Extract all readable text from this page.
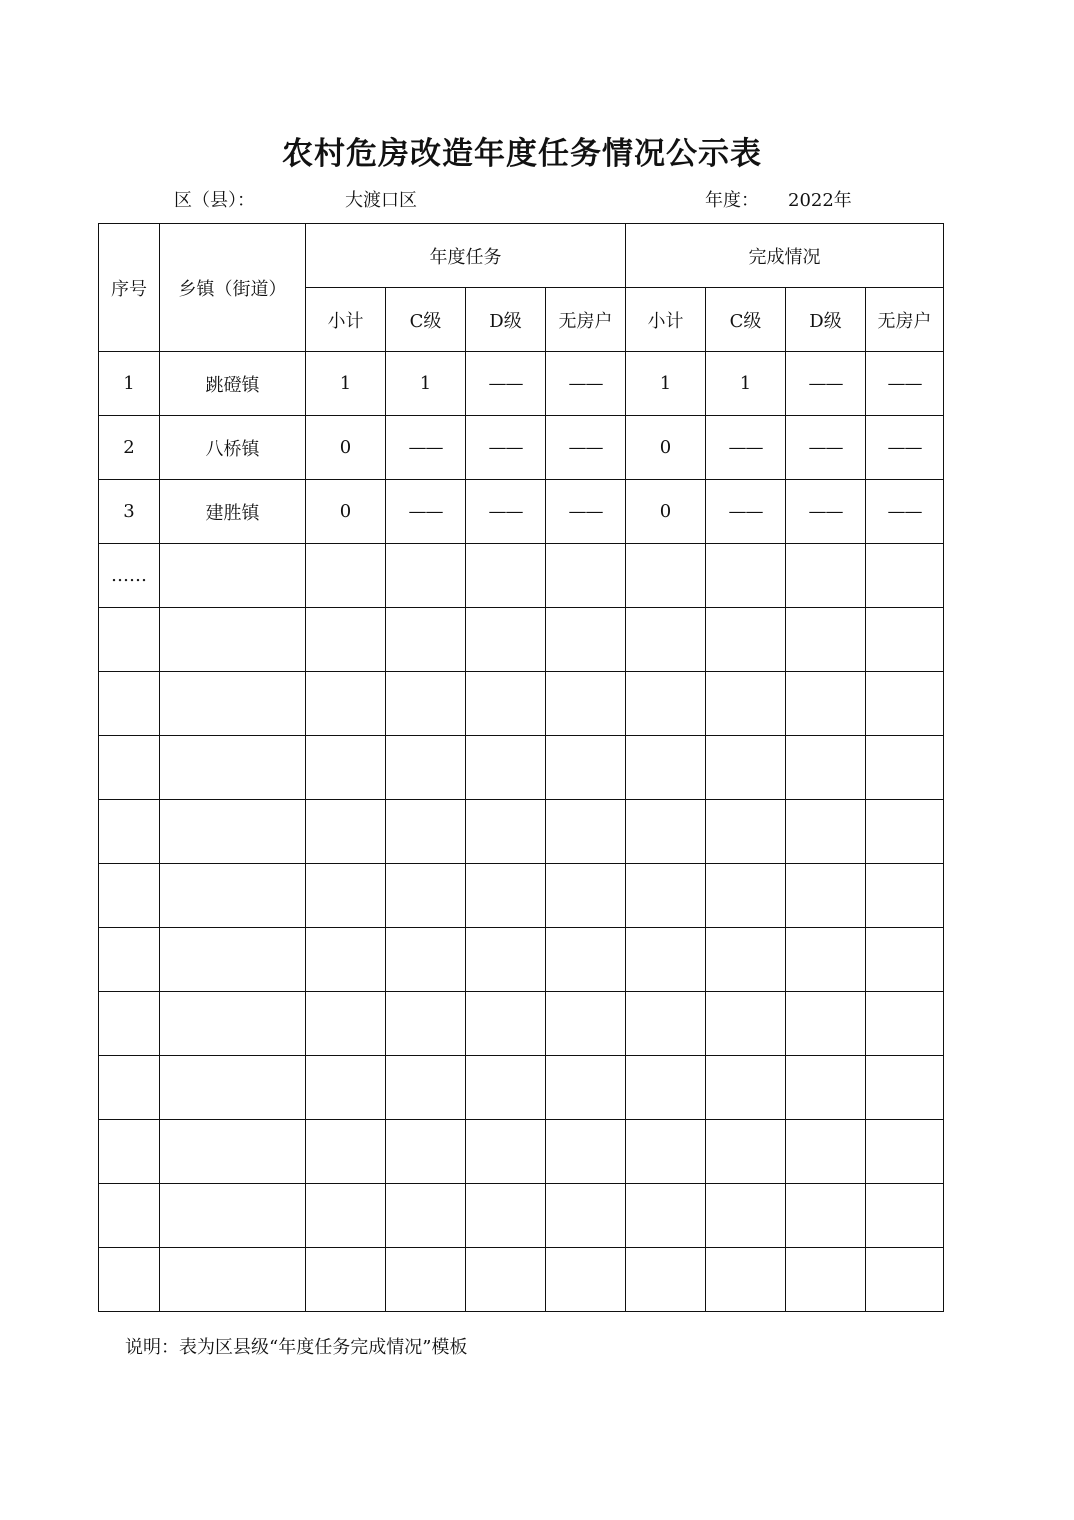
农村危房改造年度任务情况公示表
区（县）：	大渡口区	年度： 2022年
序号	乡镇（街道）	年度任务				完成情况			
		小计	C级	D级	无房户	小计	C级	D级	无房户
1	跳磴镇	1	1	——	——	1	1	——	——
2	八桥镇	0	——	——	——	0	——	——	——
3	建胜镇	0	——	——	——	0	——	——	——
……									

说明：表为区县级“年度任务完成情况”模板
